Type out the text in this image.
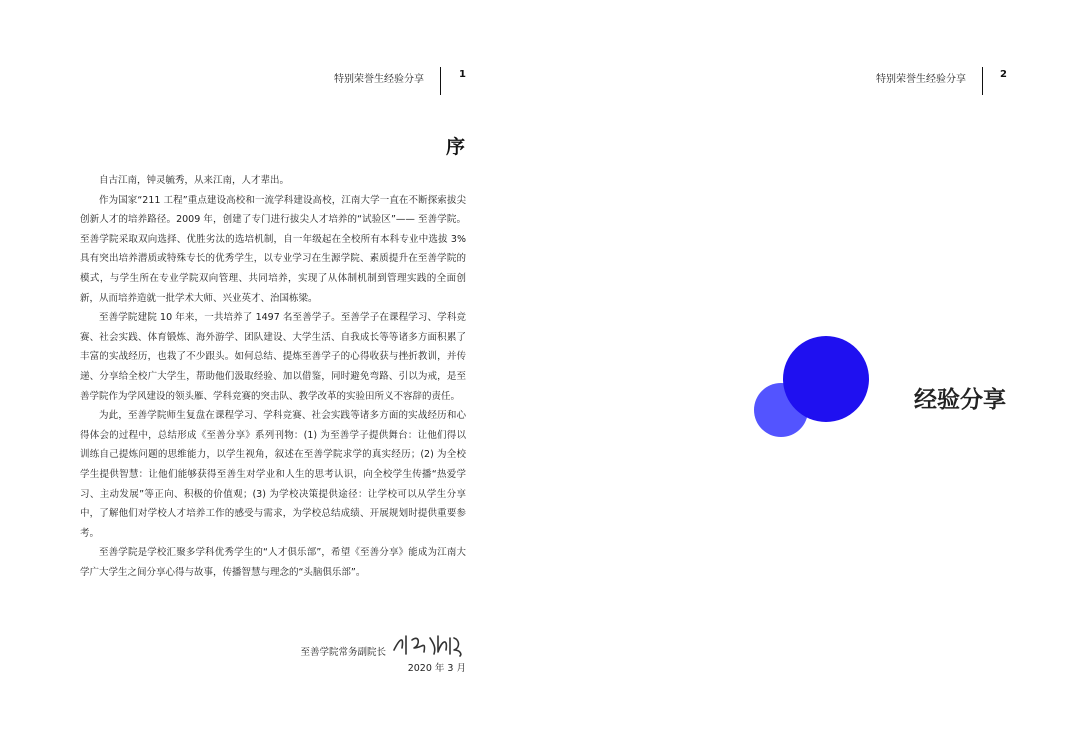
特别荣誉生经验分享	1
序

自古江南，钟灵毓秀，从来江南，人才辈出。

作为国家“211 工程”重点建设高校和一流学科建设高校，江南大学一直在不断探索拔尖创新人才的培养路径。2009 年，创建了专门进行拔尖人才培养的“试验区”—— 至善学院。 至善学院采取双向选择、优胜劣汰的选培机制，自一年级起在全校所有本科专业中选拔 3% 具有突出培养潜质或特殊专长的优秀学生，以专业学习在生源学院、素质提升在至善学院的模式，与学生所在专业学院双向管理、共同培养，实现了从体制机制到管理实践的全面创新，从而培养造就一批学术大师、兴业英才、治国栋梁。

至善学院建院 10 年来，一共培养了 1497 名至善学子。至善学子在课程学习、学科竞赛、社会实践、体育锻炼、海外游学、团队建设、大学生活、自我成长等等诸多方面积累了丰富的实战经历，也栽了不少跟头。如何总结、提炼至善学子的心得收获与挫折教训，并传递、分享给全校广大学生，帮助他们汲取经验、加以借鉴，同时避免弯路、引以为戒，是至善学院作为学风建设的领头雁、学科竞赛的突击队、教学改革的实验田所义不容辞的责任。

为此，至善学院师生复盘在课程学习、学科竞赛、社会实践等诸多方面的实战经历和心得体会的过程中，总结形成《至善分享》系列刊物：(1) 为至善学子提供舞台：让他们得以训练自己提炼问题的思维能力，以学生视角，叙述在至善学院求学的真实经历；(2) 为全校学生提供智慧：让他们能够获得至善生对学业和人生的思考认识，向全校学生传播“热爱学习、主动发展”等正向、积极的价值观；(3) 为学校决策提供途径：让学校可以从学生分享中，了解他们对学校人才培养工作的感受与需求，为学校总结成绩、开展规划时提供重要参考。

至善学院是学校汇聚多学科优秀学生的“人才俱乐部”，希望《至善分享》能成为江南大学广大学生之间分享心得与故事，传播智慧与理念的“头脑俱乐部”。

至善学院常务副院长
2020 年 3 月
特别荣誉生经验分享	2
经验分享
